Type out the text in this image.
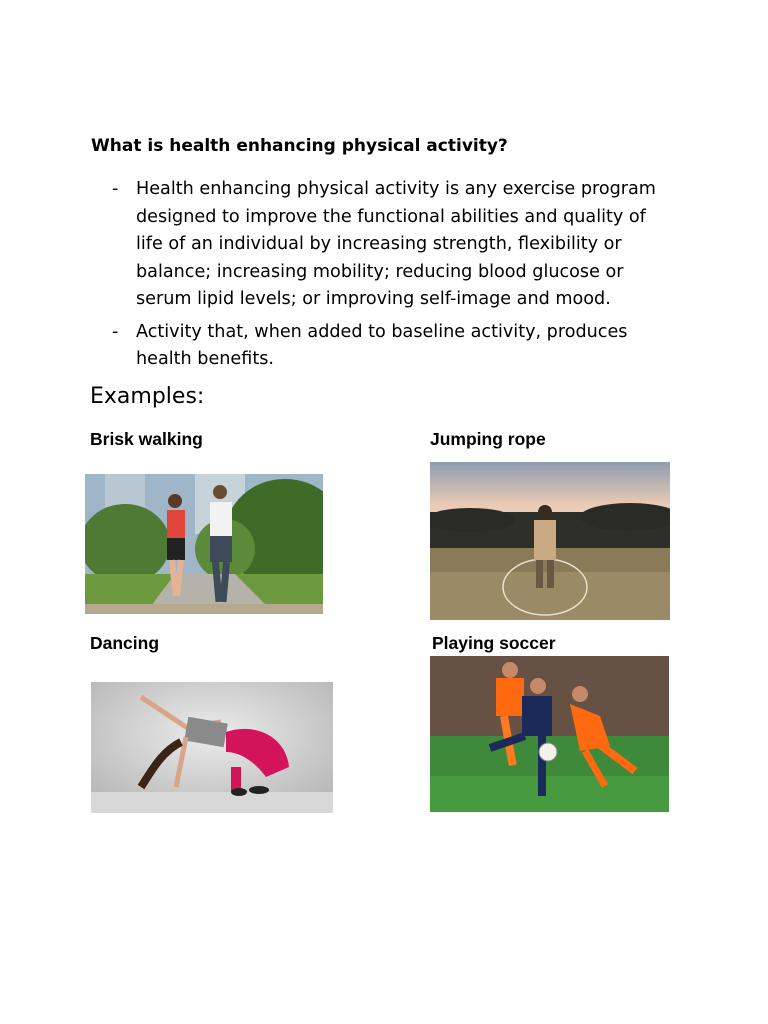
What is health enhancing physical activity?
- Health enhancing physical activity is any exercise program designed to improve the functional abilities and quality of life of an individual by increasing strength, flexibility or balance; increasing mobility; reducing blood glucose or serum lipid levels; or improving self-image and mood.
- Activity that, when added to baseline activity, produces health benefits.
Examples:
Brisk walking	Jumping rope
Dancing	Playing soccer
